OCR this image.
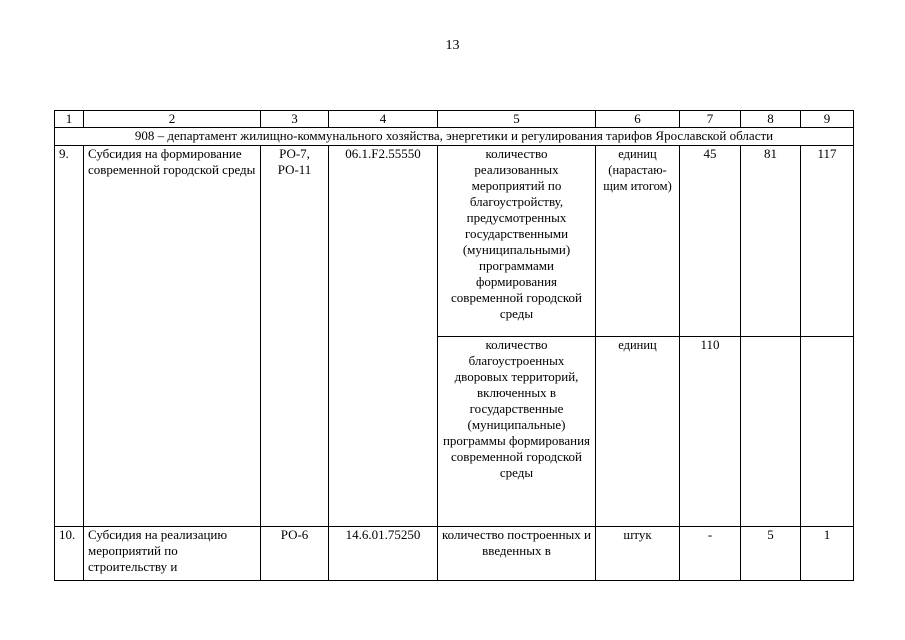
13
1	2	3	4	5	6	7	8	9
908 – департамент жилищно-коммунального хозяйства, энергетики и регулирования тарифов Ярославской области								
9.	Субсидия на формирование современной городской среды	РО-7, РО-11	06.1.F2.55550	количество реализованных мероприятий по благоустройству, предусмотренных государственными (муниципальными) программами формирования современной городской среды	единиц (нарастаю-щим итогом)	45	81	117
				количество благоустроенных дворовых территорий, включенных в государственные (муниципальные) программы формирования современной городской среды	единиц	110		
10.	Субсидия на реализацию мероприятий по строительству и	РО-6	14.6.01.75250	количество построенных и введенных в	штук	-	5	1
